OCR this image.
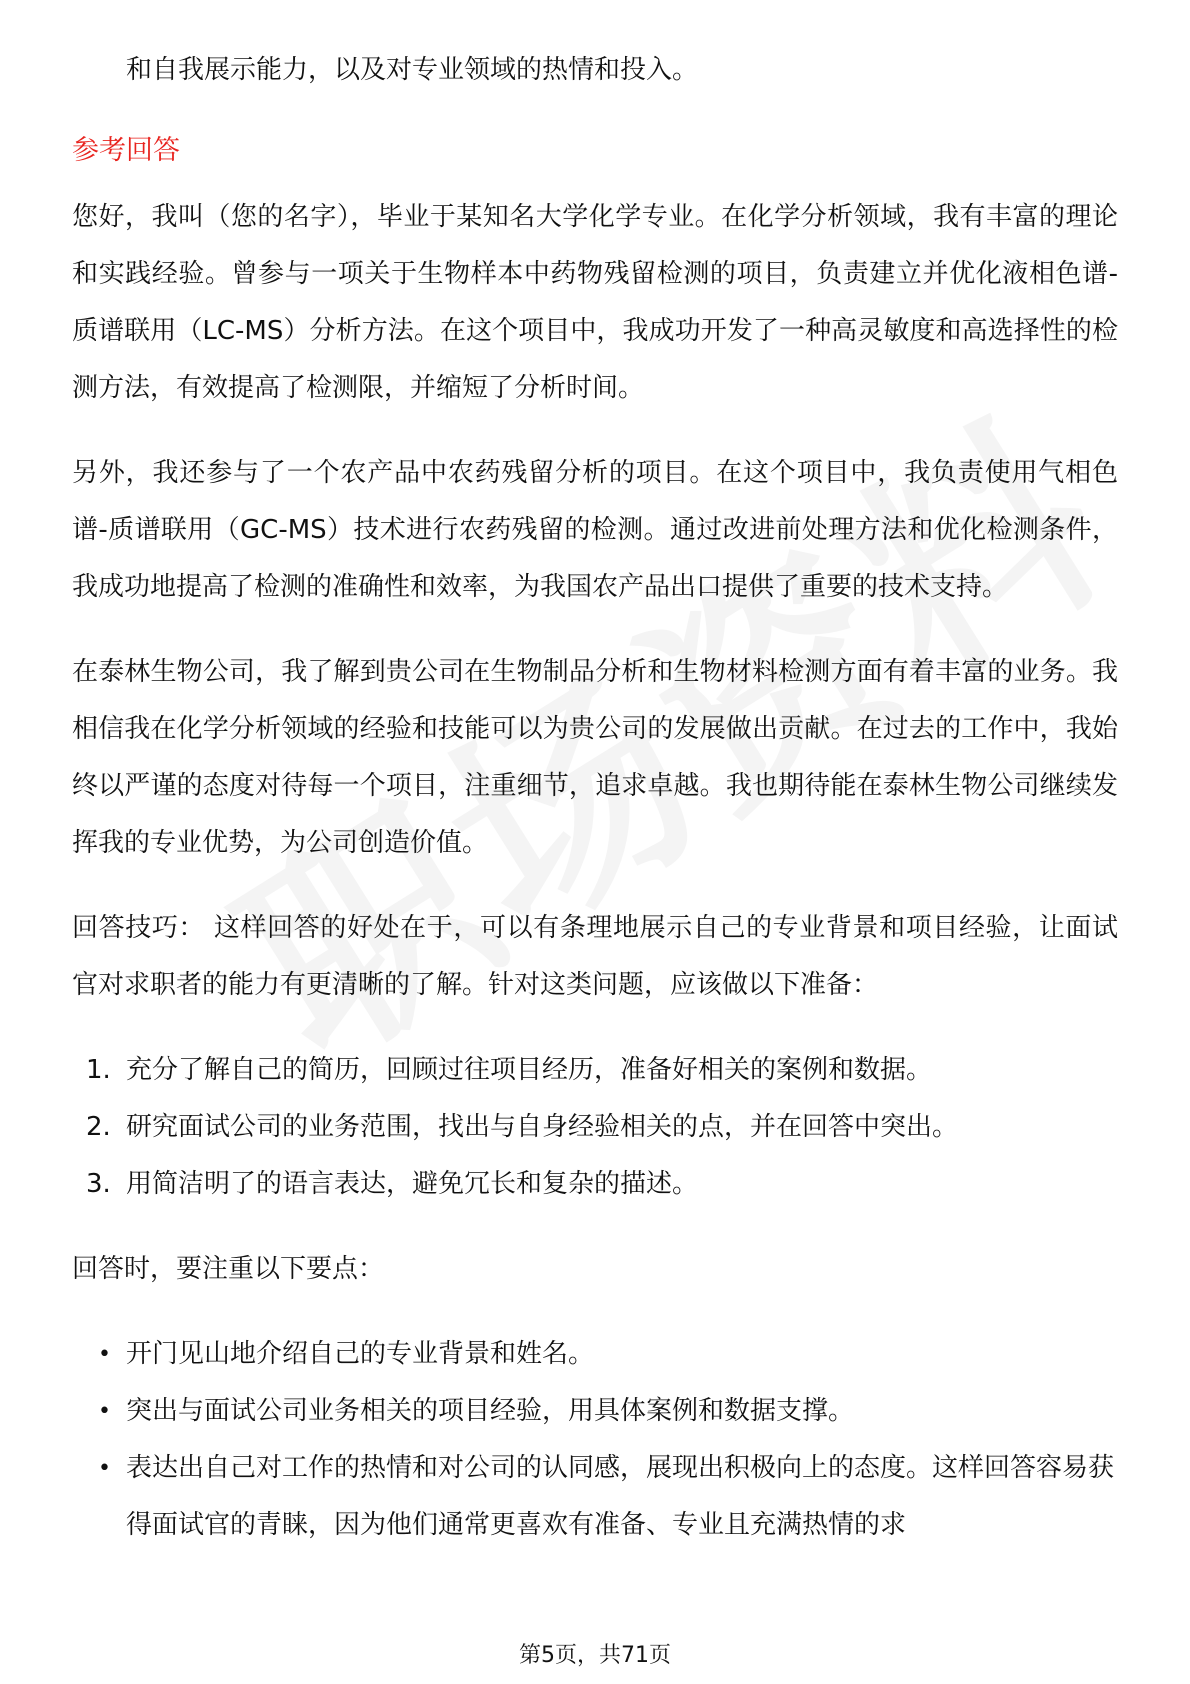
和自我展示能力，以及对专业领域的热情和投入。

参考回答

您好，我叫（您的名字），毕业于某知名大学化学专业。在化学分析领域，我有丰富的理论和实践经验。曾参与一项关于生物样本中药物残留检测的项目，负责建立并优化液相色谱-质谱联用（LC-MS）分析方法。在这个项目中，我成功开发了一种高灵敏度和高选择性的检测方法，有效提高了检测限，并缩短了分析时间。

另外，我还参与了一个农产品中农药残留分析的项目。在这个项目中，我负责使用气相色谱-质谱联用（GC-MS）技术进行农药残留的检测。通过改进前处理方法和优化检测条件，我成功地提高了检测的准确性和效率，为我国农产品出口提供了重要的技术支持。

在泰林生物公司，我了解到贵公司在生物制品分析和生物材料检测方面有着丰富的业务。我相信我在化学分析领域的经验和技能可以为贵公司的发展做出贡献。在过去的工作中，我始终以严谨的态度对待每一个项目，注重细节，追求卓越。我也期待能在泰林生物公司继续发挥我的专业优势，为公司创造价值。

回答技巧： 这样回答的好处在于，可以有条理地展示自己的专业背景和项目经验，让面试官对求职者的能力有更清晰的了解。针对这类问题，应该做以下准备：

1. 充分了解自己的简历，回顾过往项目经历，准备好相关的案例和数据。
2. 研究面试公司的业务范围，找出与自身经验相关的点，并在回答中突出。
3. 用简洁明了的语言表达，避免冗长和复杂的描述。

回答时，要注重以下要点：

• 开门见山地介绍自己的专业背景和姓名。
• 突出与面试公司业务相关的项目经验，用具体案例和数据支撑。
• 表达出自己对工作的热情和对公司的认同感，展现出积极向上的态度。这样回答容易获得面试官的青睐，因为他们通常更喜欢有准备、专业且充满热情的求
第5页，共71页
